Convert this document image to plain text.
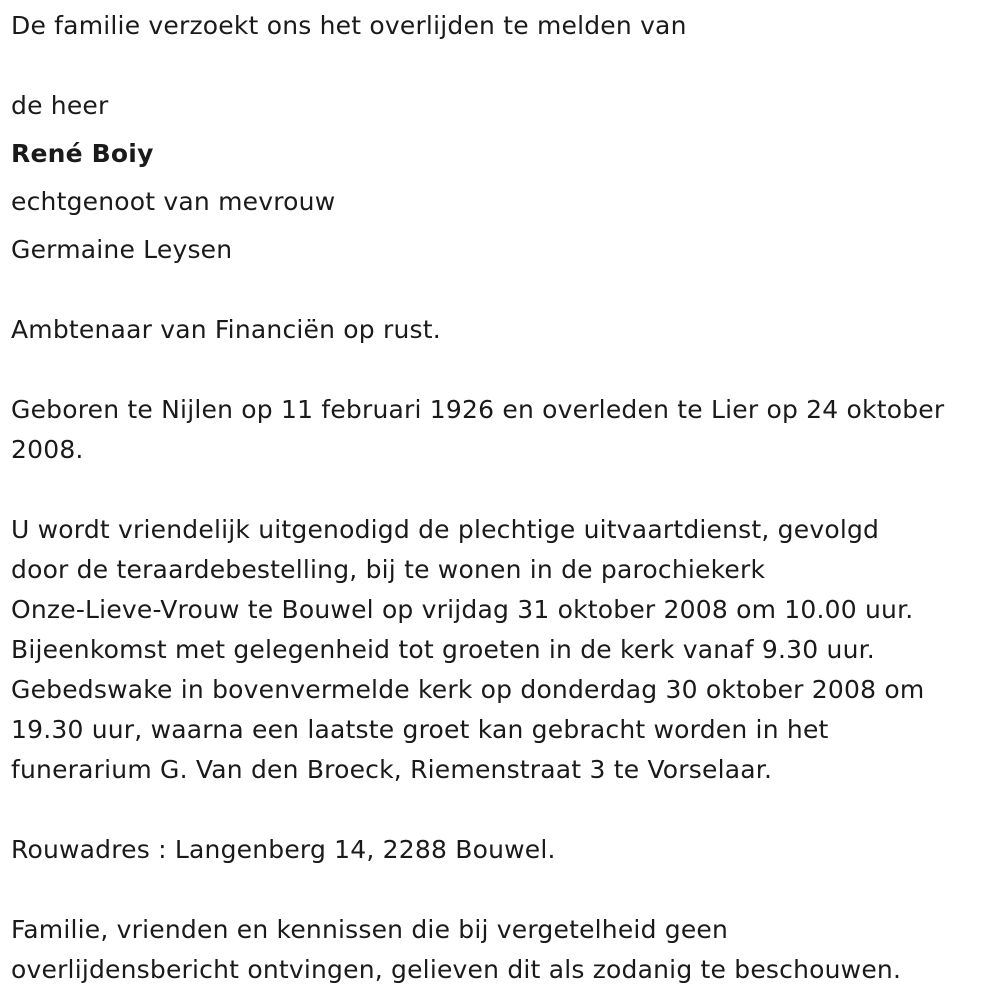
De familie verzoekt ons het overlijden te melden van
de heer
René Boiy
echtgenoot van mevrouw
Germaine Leysen
Ambtenaar van Financiën op rust.
Geboren te Nijlen op 11 februari 1926 en overleden te Lier op 24 oktober
2008.
U wordt vriendelijk uitgenodigd de plechtige uitvaartdienst, gevolgd
door de teraardebestelling, bij te wonen in de parochiekerk
Onze-Lieve-Vrouw te Bouwel op vrijdag 31 oktober 2008 om 10.00 uur.
Bijeenkomst met gelegenheid tot groeten in de kerk vanaf 9.30 uur.
Gebedswake in bovenvermelde kerk op donderdag 30 oktober 2008 om
19.30 uur, waarna een laatste groet kan gebracht worden in het
funerarium G. Van den Broeck, Riemenstraat 3 te Vorselaar.
Rouwadres : Langenberg 14, 2288 Bouwel.
Familie, vrienden en kennissen die bij vergetelheid geen
overlijdensbericht ontvingen, gelieven dit als zodanig te beschouwen.
